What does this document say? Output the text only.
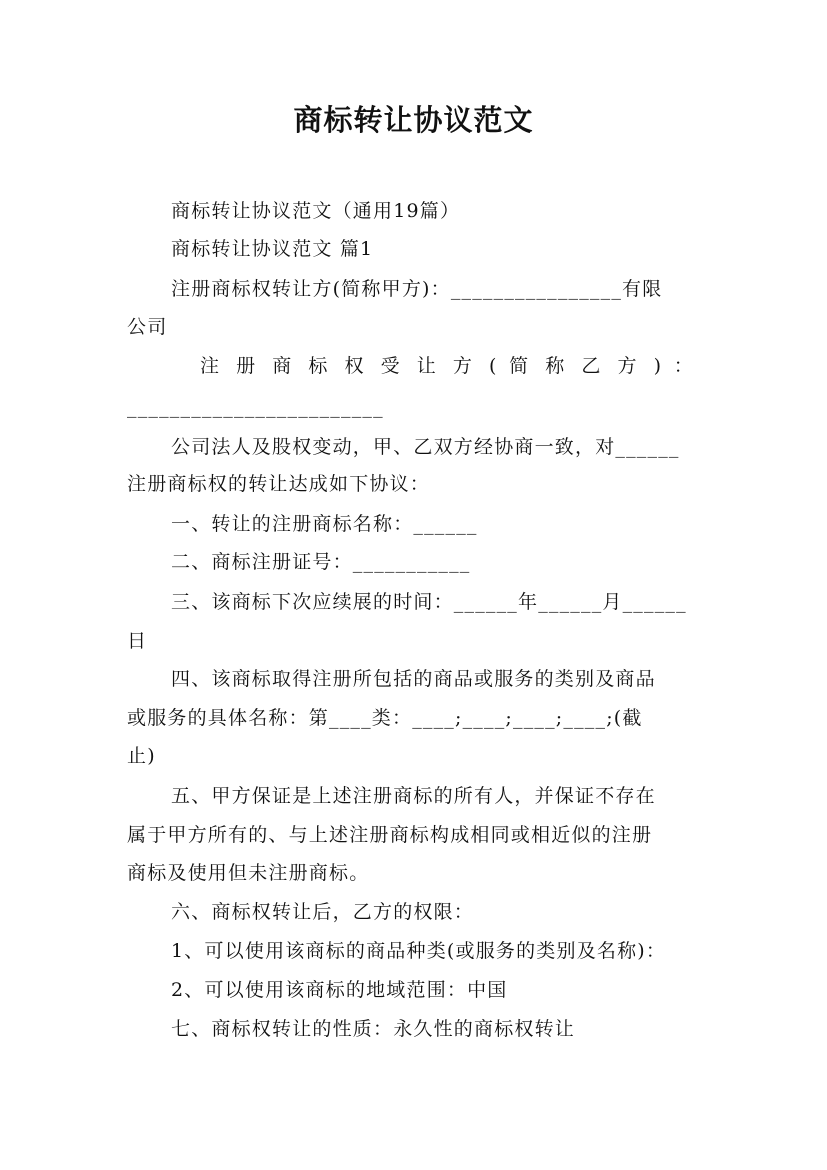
商标转让协议范文
商标转让协议范文（通用19篇）
商标转让协议范文 篇1
注册商标权转让方(简称甲方)：________________有限
公司
注 册 商 标 权 受 让 方 ( 简 称 乙 方 ) ：
________________________
公司法人及股权变动，甲、乙双方经协商一致，对______
注册商标权的转让达成如下协议：
一、转让的注册商标名称：______
二、商标注册证号：___________
三、该商标下次应续展的时间：______年______月______
日
四、该商标取得注册所包括的商品或服务的类别及商品
或服务的具体名称：第____类：____;____;____;____;(截
止)
五、甲方保证是上述注册商标的所有人，并保证不存在
属于甲方所有的、与上述注册商标构成相同或相近似的注册
商标及使用但未注册商标。
六、商标权转让后，乙方的权限：
1、可以使用该商标的商品种类(或服务的类别及名称)：
2、可以使用该商标的地域范围：中国
七、商标权转让的性质：永久性的商标权转让
